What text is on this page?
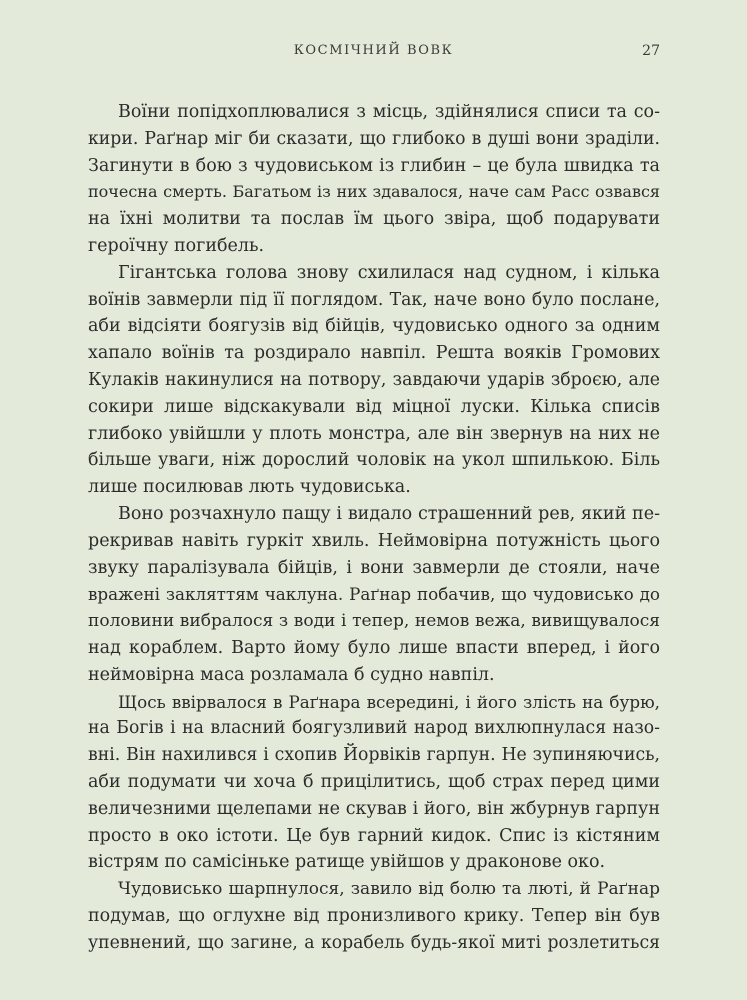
КОСМІЧНИЙ ВОВК	27
Воїни попідхоплювалися з місць, здійнялися списи та со-
кири. Раґнар міг би сказати, що глибоко в душі вони зраділи.
Загинути в бою з чудовиськом із глибин – це була швидка та
почесна смерть. Багатьом із них здавалося, наче сам Расс озвався
на їхні молитви та послав їм цього звіра, щоб подарувати
героїчну погибель.
Гігантська голова знову схилилася над судном, і кілька
воїнів завмерли під її поглядом. Так, наче воно було послане,
аби відсіяти боягузів від бійців, чудовисько одного за одним
хапало воїнів та роздирало навпіл. Решта вояків Громових
Кулаків накинулися на потвору, завдаючи ударів зброєю, але
сокири лише відскакували від міцної луски. Кілька списів
глибоко увійшли у плоть монстра, але він звернув на них не
більше уваги, ніж дорослий чоловік на укол шпилькою. Біль
лише посилював лють чудовиська.
Воно розчахнуло пащу і видало страшенний рев, який пе-
рекривав навіть гуркіт хвиль. Неймовірна потужність цього
звуку паралізувала бійців, і вони завмерли де стояли, наче
вражені закляттям чаклуна. Раґнар побачив, що чудовисько до
половини вибралося з води і тепер, немов вежа, вивищувалося
над кораблем. Варто йому було лише впасти вперед, і його
неймовірна маса розламала б судно навпіл.
Щось ввірвалося в Раґнара всередині, і його злість на бурю,
на Богів і на власний боягузливий народ вихлюпнулася назо-
вні. Він нахилився і схопив Йорвіків гарпун. Не зупиняючись,
аби подумати чи хоча б прицілитись, щоб страх перед цими
величезними щелепами не скував і його, він жбурнув гарпун
просто в око істоти. Це був гарний кидок. Спис із кістяним
вістрям по самісіньке ратище увійшов у драконове око.
Чудовисько шарпнулося, завило від болю та люті, й Раґнар
подумав, що оглухне від пронизливого крику. Тепер він був
упевнений, що загине, а корабель будь-якої миті розлетиться
